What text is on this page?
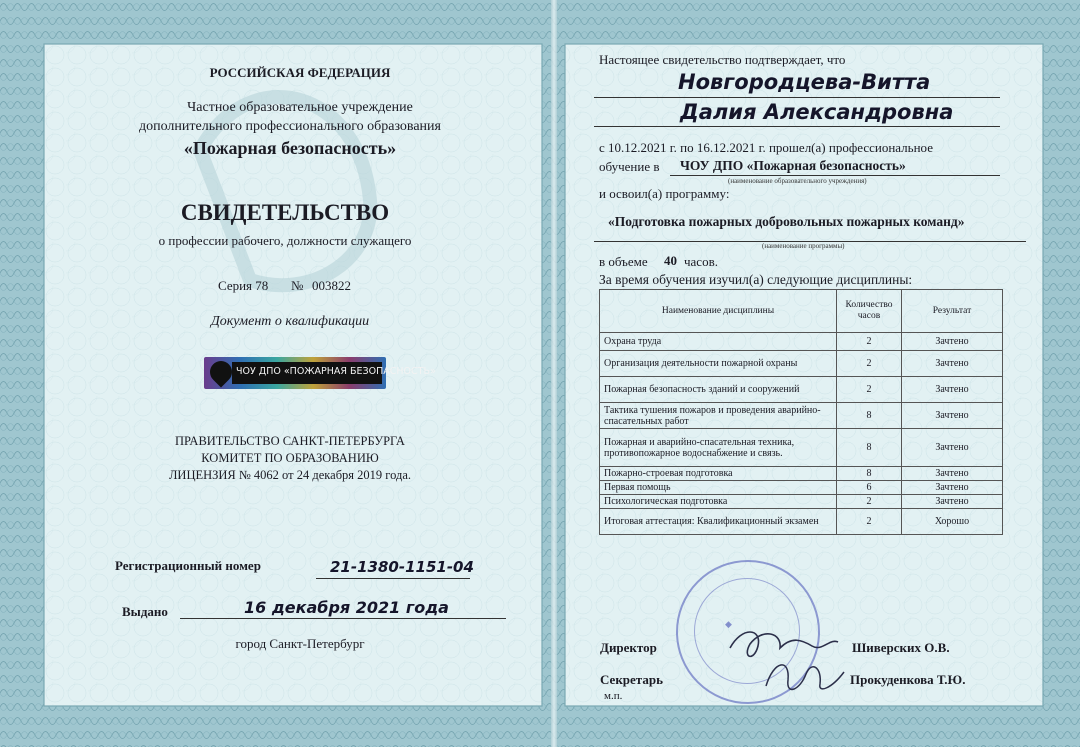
РОССИЙСКАЯ ФЕДЕРАЦИЯ
Частное образовательное учреждение
дополнительного профессионального образования
«Пожарная безопасность»
СВИДЕТЕЛЬСТВО
о профессии рабочего, должности служащего
Серия 78 № 003822
Документ о квалификации
ЧОУ ДПО «ПОЖАРНАЯ БЕЗОПАСНОСТЬ»
ПРАВИТЕЛЬСТВО САНКТ-ПЕТЕРБУРГА
КОМИТЕТ ПО ОБРАЗОВАНИЮ
ЛИЦЕНЗИЯ № 4062 от 24 декабря 2019 года.
Регистрационный номер	21-1380-1151-04
Выдано	16 декабря 2021 года
город Санкт-Петербург
Настоящее свидетельство подтверждает, что
Новгородцева-Витта
Далия Александровна
с 10.12.2021 г. по 16.12.2021 г. прошел(а) профессиональное
обучение в ЧОУ ДПО «Пожарная безопасность»
(наименование образовательного учреждения)
и освоил(а) программу:
«Подготовка пожарных добровольных пожарных команд»
(наименование программы)
в объеме 40 часов.
За время обучения изучил(а) следующие дисциплины:
Наименование дисциплины	Количество часов	Результат
Охрана труда	2	Зачтено
Организация деятельности пожарной охраны	2	Зачтено
Пожарная безопасность зданий и сооружений	2	Зачтено
Тактика тушения пожаров и проведения аварийно-спасательных работ	8	Зачтено
Пожарная и аварийно-спасательная техника, противопожарное водоснабжение и связь.	8	Зачтено
Пожарно-строевая подготовка	8	Зачтено
Первая помощь	6	Зачтено
Психологическая подготовка	2	Зачтено
Итоговая аттестация: Квалификационный экзамен	2	Хорошо
◆
Директор	Шиверских О.В.
Секретарь	Прокуденкова Т.Ю.
м.п.
